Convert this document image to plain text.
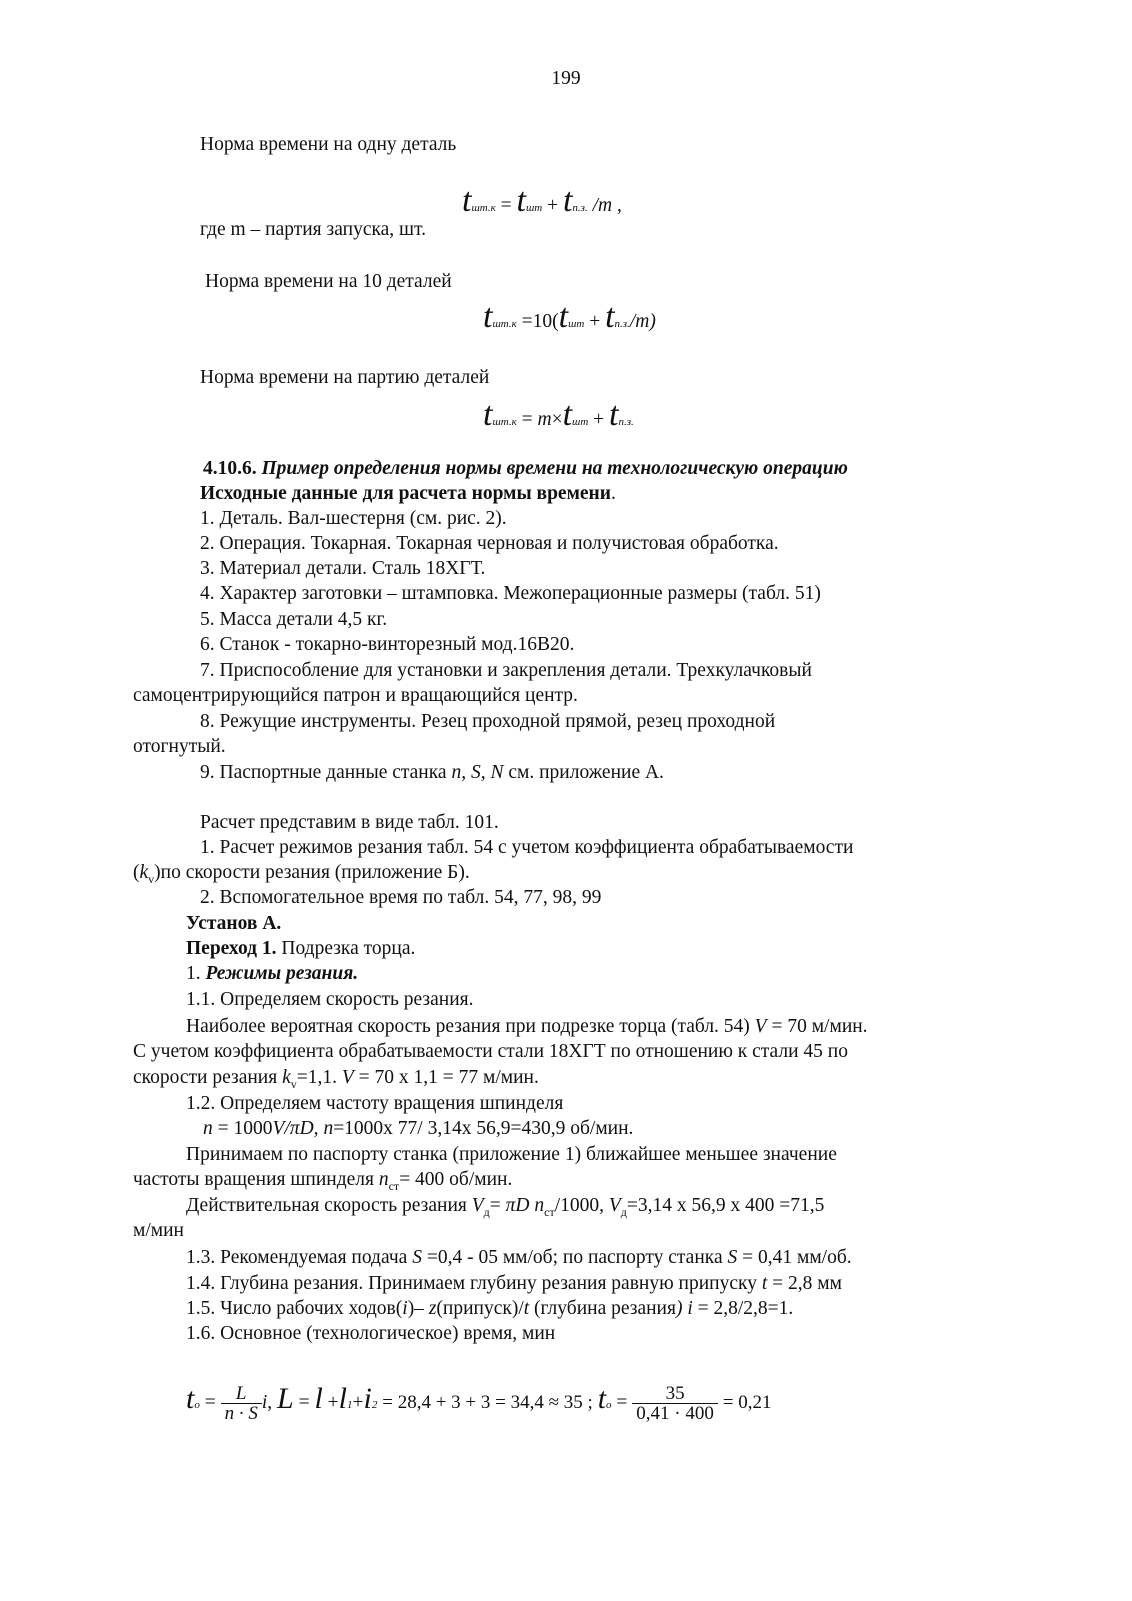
199
Норма времени на одну деталь
tшт.к = tшт + tп.з. /m ,
где m – партия запуска, шт.
Норма времени на 10 деталей
tшт.к =10(tшт + tп.з./m)
Норма времени на партию деталей
tшт.к = m×tшт + tп.з.
4.10.6. Пример определения нормы времени на технологическую операцию
Исходные данные для расчета нормы времени.
1. Деталь. Вал-шестерня (см. рис. 2).
2. Операция. Токарная. Токарная черновая и получистовая обработка.
3. Материал детали. Сталь 18ХГТ.
4. Характер заготовки – штамповка. Межоперационные размеры (табл. 51)
5. Масса детали 4,5 кг.
6. Станок - токарно-винторезный мод.16В20.
7. Приспособление для установки и закрепления детали. Трехкулачковый
самоцентрирующийся патрон и вращающийся центр.
8. Режущие инструменты. Резец проходной прямой, резец проходной
отогнутый.
9. Паспортные данные станка n, S, N см. приложение А.
Расчет представим в виде табл. 101.
1. Расчет режимов резания табл. 54 с учетом коэффициента обрабатываемости
$(k_v)по$ скорости резания (приложение Б).
2. Вспомогательное время по табл. 54, 77, 98, 99
Установ А.
Переход 1. Подрезка торца.
1. Режимы резания.
1.1. Определяем скорость резания.
Наиболее вероятная скорость резания при подрезке торца (табл. 54) V = 70 м/мин.
С учетом коэффициента обрабатываемости стали 18ХГТ по отношению к стали 45 по
скорости резания $k_v=1,1$. V = 70 х 1,1 = 77 м/мин.
1.2. Определяем частоту вращения шпинделя
n = 1000V/πD, n=1000х 77/ 3,14х 56,9=430,9 об/мин.
Принимаем по паспорту станка (приложение 1) ближайшее меньшее значение
частоты вращения шпинделя $n_{ст}= 400$ об/мин.
Действительная скорость резания $V_д= \pi D$ $n_{ст}/1000$, $V_д=3,14$ х 56,9 х 400 =71,5
м/мин
1.3. Рекомендуемая подача S =0,4 - 05 мм/об; по паспорту станка S = 0,41 мм/об.
1.4. Глубина резания. Принимаем глубину резания равную припуску t = 2,8 мм
1.5. Число рабочих ходов(i)– z(припуск)/t (глубина резания) i = 2,8/2,8=1.
1.6. Основное (технологическое) время, мин
to = $\frac{L}{n \cdot S} i$, L = l +l1+i2 = 28,4 + 3 + 3 = 34,4 ≈ 35 ; to = $\frac{35}{0,41 \cdot 400} = 0,21$
